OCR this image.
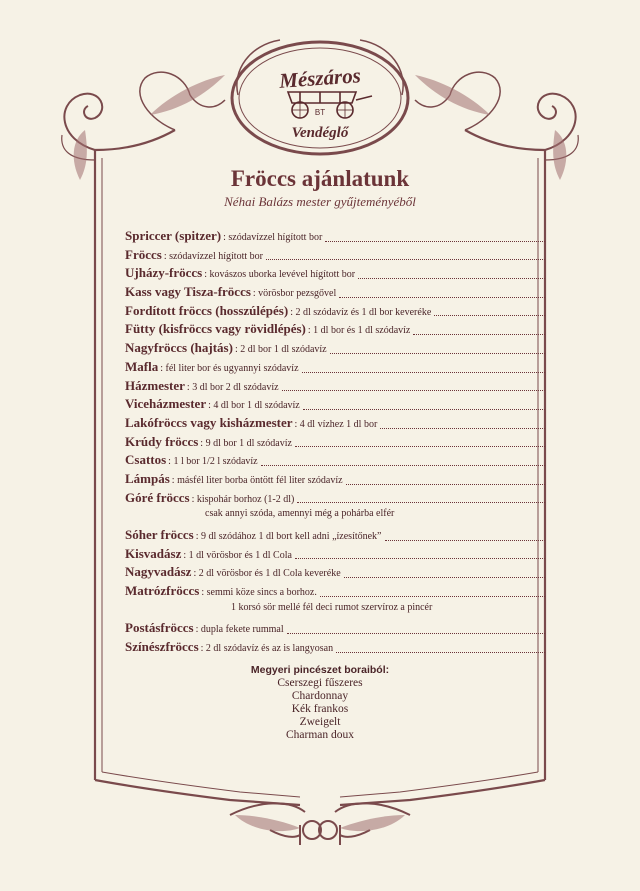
Mészáros
BT
Vendéglő
Fröccs ajánlatunk
Néhai Balázs mester gyűjteményéből
Spriccer (spitzer) : szódavízzel hígított bor
Fröccs : szódavízzel hígított bor
Ujházy-fröccs : kovászos uborka levével hígított bor
Kass vagy Tisza-fröccs : vörösbor pezsgővel
Fordított fröccs (hosszúlépés) : 2 dl szódavíz és 1 dl bor keveréke
Fütty (kisfröccs vagy rövidlépés) : 1 dl bor és 1 dl szódavíz
Nagyfröccs (hajtás) : 2 dl bor 1 dl szódavíz
Mafla : fél liter bor és ugyannyi szódavíz
Házmester : 3 dl bor 2 dl szódavíz
Viceházmester : 4 dl bor 1 dl szódavíz
Lakófröccs vagy kisházmester : 4 dl vízhez 1 dl bor
Krúdy fröccs : 9 dl bor 1 dl szódavíz
Csattos : 1 l bor 1/2 l szódavíz
Lámpás : másfél liter borba öntött fél liter szódavíz
Góré fröccs : kispohár borhoz (1-2 dl)
csak annyi szóda, amennyi még a pohárba elfér
Sóher fröccs : 9 dl szódához 1 dl bort kell adni „ízesítőnek”
Kisvadász : 1 dl vörösbor és 1 dl Cola
Nagyvadász : 2 dl vörösbor és 1 dl Cola keveréke
Matrózfröccs : semmi köze sincs a borhoz.
1 korsó sör mellé fél deci rumot szervíroz a pincér
Postásfröccs : dupla fekete rummal
Színészfröccs : 2 dl szódavíz és az is langyosan
Megyeri pincészet boraiból:
Cserszegi fűszeres
Chardonnay
Kék frankos
Zweigelt
Charman doux
